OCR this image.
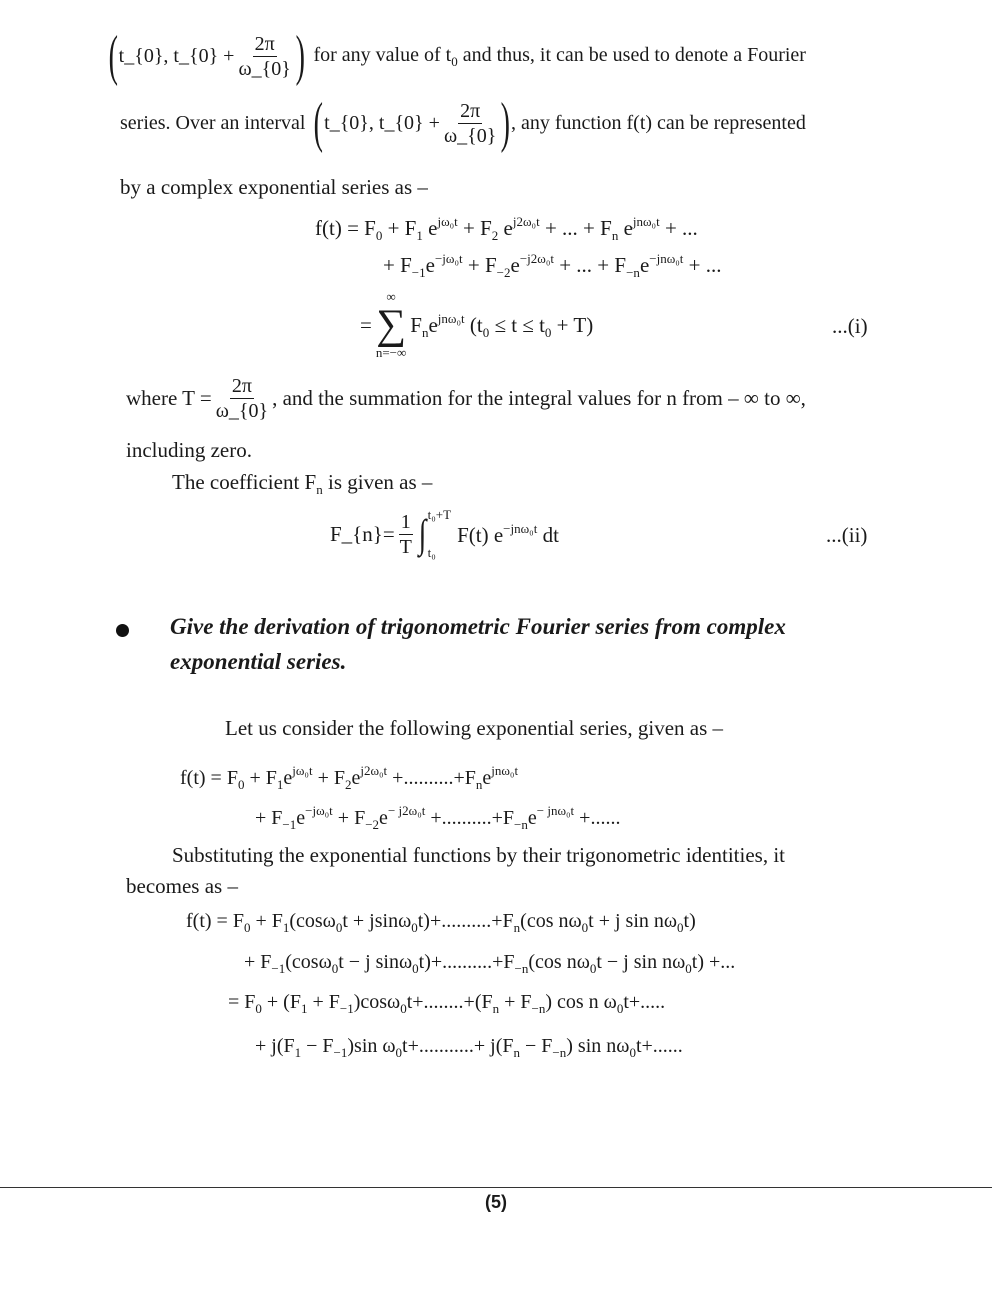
( t_{0}, t_{0} + $\frac{2\pi}{\omega\_\{0\}}$ ) for any value of $t_0$ and thus, it can be used to denote a Fourier
series. Over an interval ( t_{0}, t_{0} + $\frac{2\pi}{\omega\_\{0\}}$ ) , any function f(t) can be represented
by a complex exponential series as –
$f(t) = F_0 + F_1$ $e^{j\omega_0t} + F_2$ $e^{j2\omega_0t}$ + ... + $F_n$ $e^{jn\omega_0t}$ + ...
+ $F_{-1}e^{-j\omega_0t} + F_{-2}e^{-j2\omega_0t}$ + ... + $F_{-n}e^{-jn\omega_0t}$ + ...
=
∞
∑
n=−∞
$F_ne^{jn\omega_0t}$ $(t_0 \le t \le t_0 + T)$	...(i)
where $T = \frac{2\pi}{\omega\_\{0\}}$ , and the summation for the integral values for n from – ∞ to ∞,
including zero.
The coefficient $F_n$ is given as –
F_{n}= $\frac{1}{T}$ ∫ t₀+T
t₀
F(t) $e^{-jn\omega_0t}$ dt	...(ii)
Give the derivation of trigonometric Fourier series from complex
exponential series.
Let us consider the following exponential series, given as –
$f(t) = F_0 + F_1e^{j\omega_0t} + F_2e^{j2\omega_0t} +..........+F_ne^{jn\omega_0t}$
+ $F_{-1}e^{-j\omega_0t} + F_{-2}e^{- j2\omega_0t} +..........+F_{-n}e^{- jn\omega_0t}$ +......
Substituting the exponential functions by their trigonometric identities, it
becomes as –
$f(t) = F_0 + F_1(\cos\omega_0t + jsin\omega_0t)+..........+F_n(\cos$ $n\omega_0t + j$ $\sin n\omega_0t$)
+ $F_{-1}(\cos\omega_0t - j$ $\sin\omega_0t)+..........+F_{-n}(\cos$ $n\omega_0t - j$ $\sin n\omega_0t$) +...
= $F_0 + (F_1 + F_{-1})\cos\omega_0t+........+(F_n + F_{-n})$ cos n $\omega_0t+$.....
+ $j(F_1 - F_{-1})\sin$ $\omega_0t+...........+ j(F_n - F_{-n})$ $\sin n\omega_0t+$......
(5)
